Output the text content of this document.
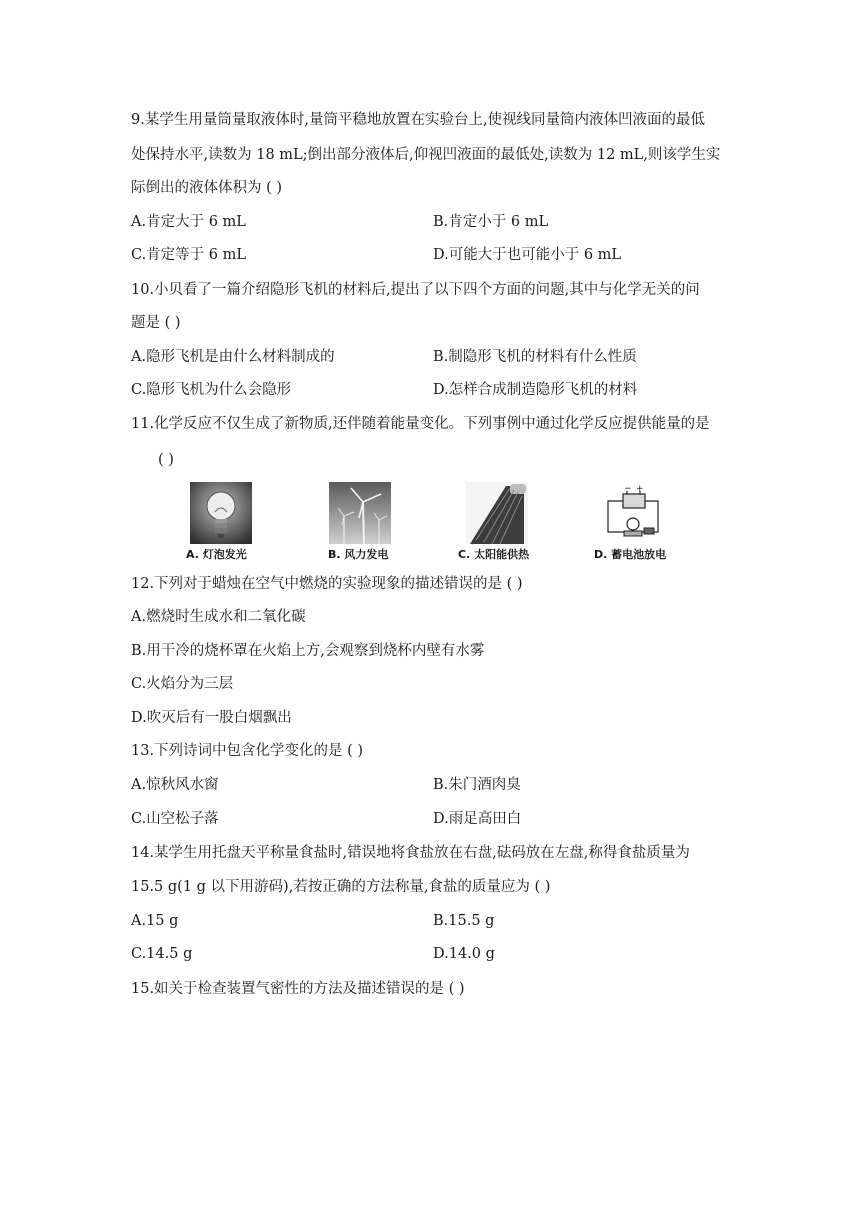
9.某学生用量筒量取液体时,量筒平稳地放置在实验台上,使视线同量筒内液体凹液面的最低
处保持水平,读数为 18 mL;倒出部分液体后,仰视凹液面的最低处,读数为 12 mL,则该学生实
际倒出的液体体积为 ( )
A.肯定大于 6 mL	B.肯定小于 6 mL
C.肯定等于 6 mL	D.可能大于也可能小于 6 mL
10.小贝看了一篇介绍隐形飞机的材料后,提出了以下四个方面的问题,其中与化学无关的问
题是 ( )
A.隐形飞机是由什么材料制成的	B.制隐形飞机的材料有什么性质
C.隐形飞机为什么会隐形	D.怎样合成制造隐形飞机的材料
11.化学反应不仅生成了新物质,还伴随着能量变化。下列事例中通过化学反应提供能量的是
( )
A. 灯泡发光	B. 风力发电	C. 太阳能供热
− +
D. 蓄电池放电
12.下列对于蜡烛在空气中燃烧的实验现象的描述错误的是 ( )
A.燃烧时生成水和二氧化碳
B.用干冷的烧杯罩在火焰上方,会观察到烧杯内壁有水雾
C.火焰分为三层
D.吹灭后有一股白烟飘出
13.下列诗词中包含化学变化的是 ( )
A.惊秋风水窗	B.朱门酒肉臭
C.山空松子落	D.雨足高田白
14.某学生用托盘天平称量食盐时,错误地将食盐放在右盘,砝码放在左盘,称得食盐质量为
15.5 g(1 g 以下用游码),若按正确的方法称量,食盐的质量应为 ( )
A.15 g	B.15.5 g
C.14.5 g	D.14.0 g
15.如关于检查装置气密性的方法及描述错误的是 ( )
